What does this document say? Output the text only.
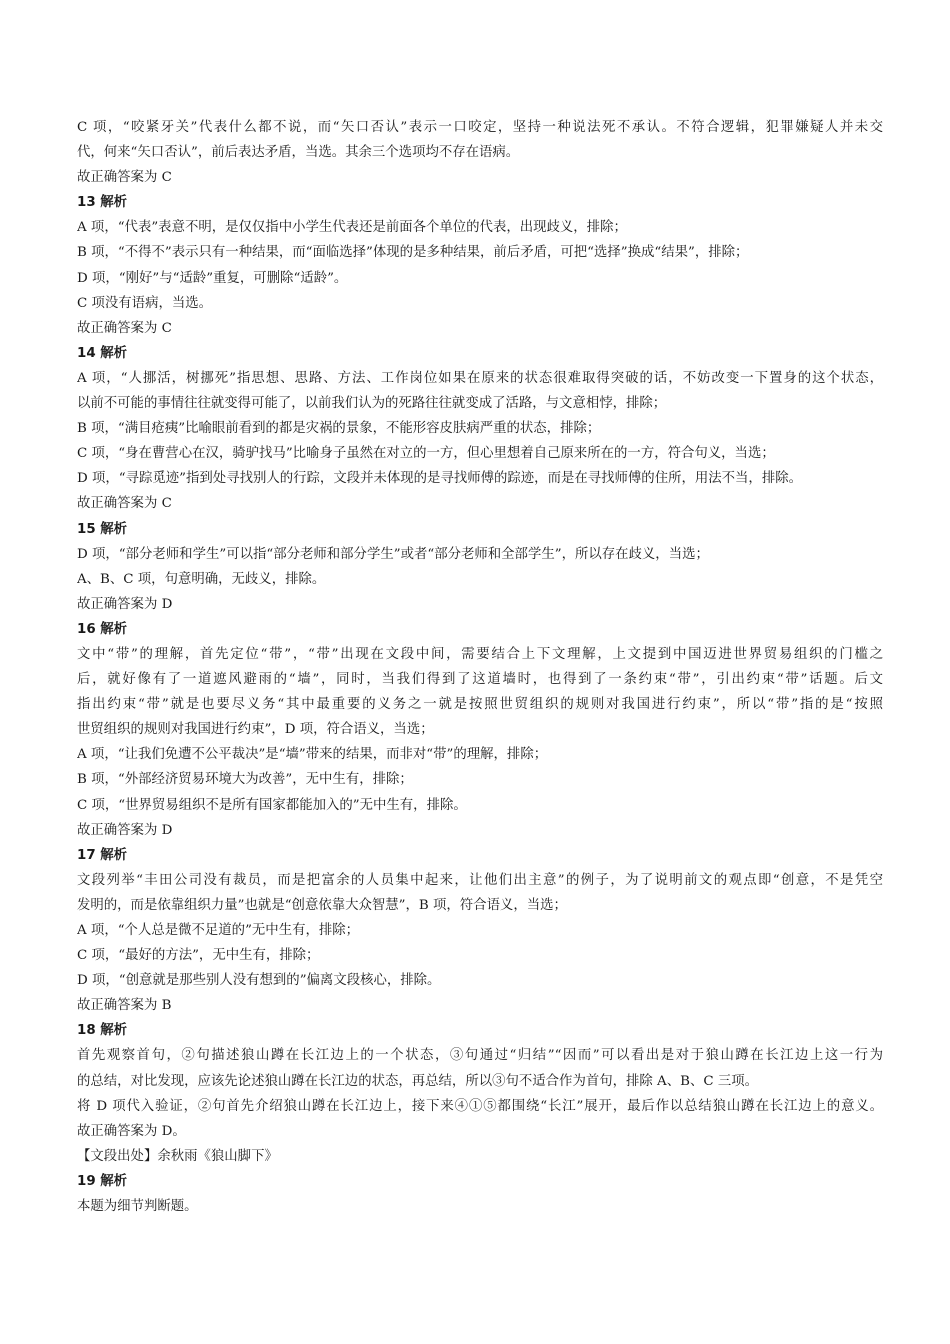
C 项，“咬紧牙关”代表什么都不说，而“矢口否认”表示一口咬定，坚持一种说法死不承认。不符合逻辑，犯罪嫌疑人并未交
代，何来“矢口否认”，前后表达矛盾，当选。其余三个选项均不存在语病。
故正确答案为 C
13 解析
A 项，“代表”表意不明，是仅仅指中小学生代表还是前面各个单位的代表，出现歧义，排除；
B 项，“不得不”表示只有一种结果，而“面临选择”体现的是多种结果，前后矛盾，可把“选择”换成“结果”，排除；
D 项，“刚好”与“适龄”重复，可删除“适龄”。
C 项没有语病，当选。
故正确答案为 C
14 解析
A 项，“人挪活，树挪死”指思想、思路、方法、工作岗位如果在原来的状态很难取得突破的话，不妨改变一下置身的这个状态，
以前不可能的事情往往就变得可能了，以前我们认为的死路往往就变成了活路，与文意相悖，排除；
B 项，“满目疮痍”比喻眼前看到的都是灾祸的景象，不能形容皮肤病严重的状态，排除；
C 项，“身在曹营心在汉，骑驴找马”比喻身子虽然在对立的一方，但心里想着自己原来所在的一方，符合句义，当选；
D 项，“寻踪觅迹”指到处寻找别人的行踪，文段并未体现的是寻找师傅的踪迹，而是在寻找师傅的住所，用法不当，排除。
故正确答案为 C
15 解析
D 项，“部分老师和学生”可以指“部分老师和部分学生”或者“部分老师和全部学生”，所以存在歧义，当选；
A、B、C 项，句意明确，无歧义，排除。
故正确答案为 D
16 解析
文中“带”的理解，首先定位“带”，“带”出现在文段中间，需要结合上下文理解，上文提到中国迈进世界贸易组织的门槛之
后，就好像有了一道遮风避雨的“墙”，同时，当我们得到了这道墙时，也得到了一条约束“带”，引出约束“带”话题。后文
指出约束“带”就是也要尽义务“其中最重要的义务之一就是按照世贸组织的规则对我国进行约束”，所以“带”指的是“按照
世贸组织的规则对我国进行约束”，D 项，符合语义，当选；
A 项，“让我们免遭不公平裁决”是“墙”带来的结果，而非对“带”的理解，排除；
B 项，“外部经济贸易环境大为改善”，无中生有，排除；
C 项，“世界贸易组织不是所有国家都能加入的”无中生有，排除。
故正确答案为 D
17 解析
文段列举“丰田公司没有裁员，而是把富余的人员集中起来，让他们出主意”的例子，为了说明前文的观点即“创意，不是凭空
发明的，而是依靠组织力量”也就是“创意依靠大众智慧”，B 项，符合语义，当选；
A 项，“个人总是微不足道的”无中生有，排除；
C 项，“最好的方法”，无中生有，排除；
D 项，“创意就是那些别人没有想到的”偏离文段核心，排除。
故正确答案为 B
18 解析
首先观察首句，②句描述狼山蹲在长江边上的一个状态，③句通过“归结”“因而”可以看出是对于狼山蹲在长江边上这一行为
的总结，对比发现，应该先论述狼山蹲在长江边的状态，再总结，所以③句不适合作为首句，排除 A、B、C 三项。
将 D 项代入验证，②句首先介绍狼山蹲在长江边上，接下来④①⑤都围绕“长江”展开，最后作以总结狼山蹲在长江边上的意义。
故正确答案为 D。
【文段出处】余秋雨《狼山脚下》
19 解析
本题为细节判断题。
